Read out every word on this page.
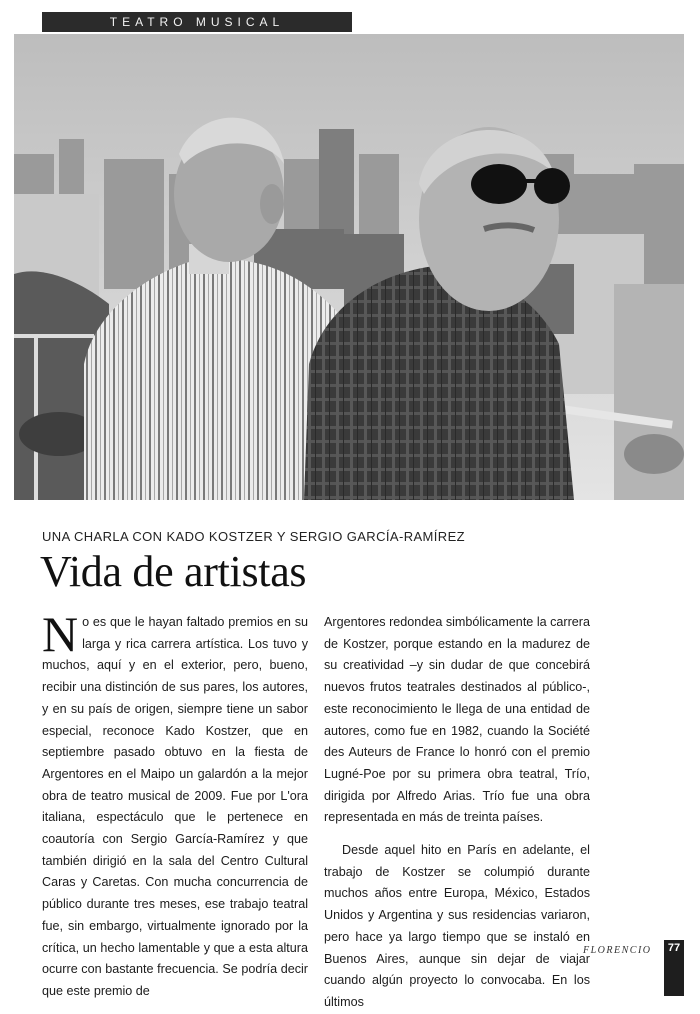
TEATRO MUSICAL
UNA CHARLA CON KADO KOSTZER Y SERGIO GARCÍA-RAMÍREZ
Vida de artistas

No es que le hayan faltado premios en su larga y rica carrera artística. Los tuvo y muchos, aquí y en el exterior, pero, bueno, recibir una distinción de sus pares, los autores, y en su país de origen, siempre tiene un sabor especial, reconoce Kado Kostzer, que en septiembre pasado obtuvo en la fiesta de Argentores en el Maipo un galardón a la mejor obra de teatro musical de 2009. Fue por L'ora italiana, espectáculo que le pertenece en coautoría con Sergio García-Ramírez y que también dirigió en la sala del Centro Cultural Caras y Caretas. Con mucha concurrencia de público durante tres meses, ese trabajo teatral fue, sin embargo, virtualmente ignorado por la crítica, un hecho lamentable y que a esta altura ocurre con bastante frecuencia. Se podría decir que este premio de

Argentores redondea simbólicamente la carrera de Kostzer, porque estando en la madurez de su creatividad –y sin dudar de que concebirá nuevos frutos teatrales destinados al público-, este reconocimiento le llega de una entidad de autores, como fue en 1982, cuando la Société des Auteurs de France lo honró con el premio Lugné-Poe por su primera obra teatral, Trío, dirigida por Alfredo Arias. Trío fue una obra representada en más de treinta países.

Desde aquel hito en París en adelante, el trabajo de Kostzer se columpió durante muchos años entre Europa, México, Estados Unidos y Argentina y sus residencias variaron, pero hace ya largo tiempo que se instaló en Buenos Aires, aunque sin dejar de viajar cuando algún proyecto lo convocaba. En los últimos

FLORENCIO	77
